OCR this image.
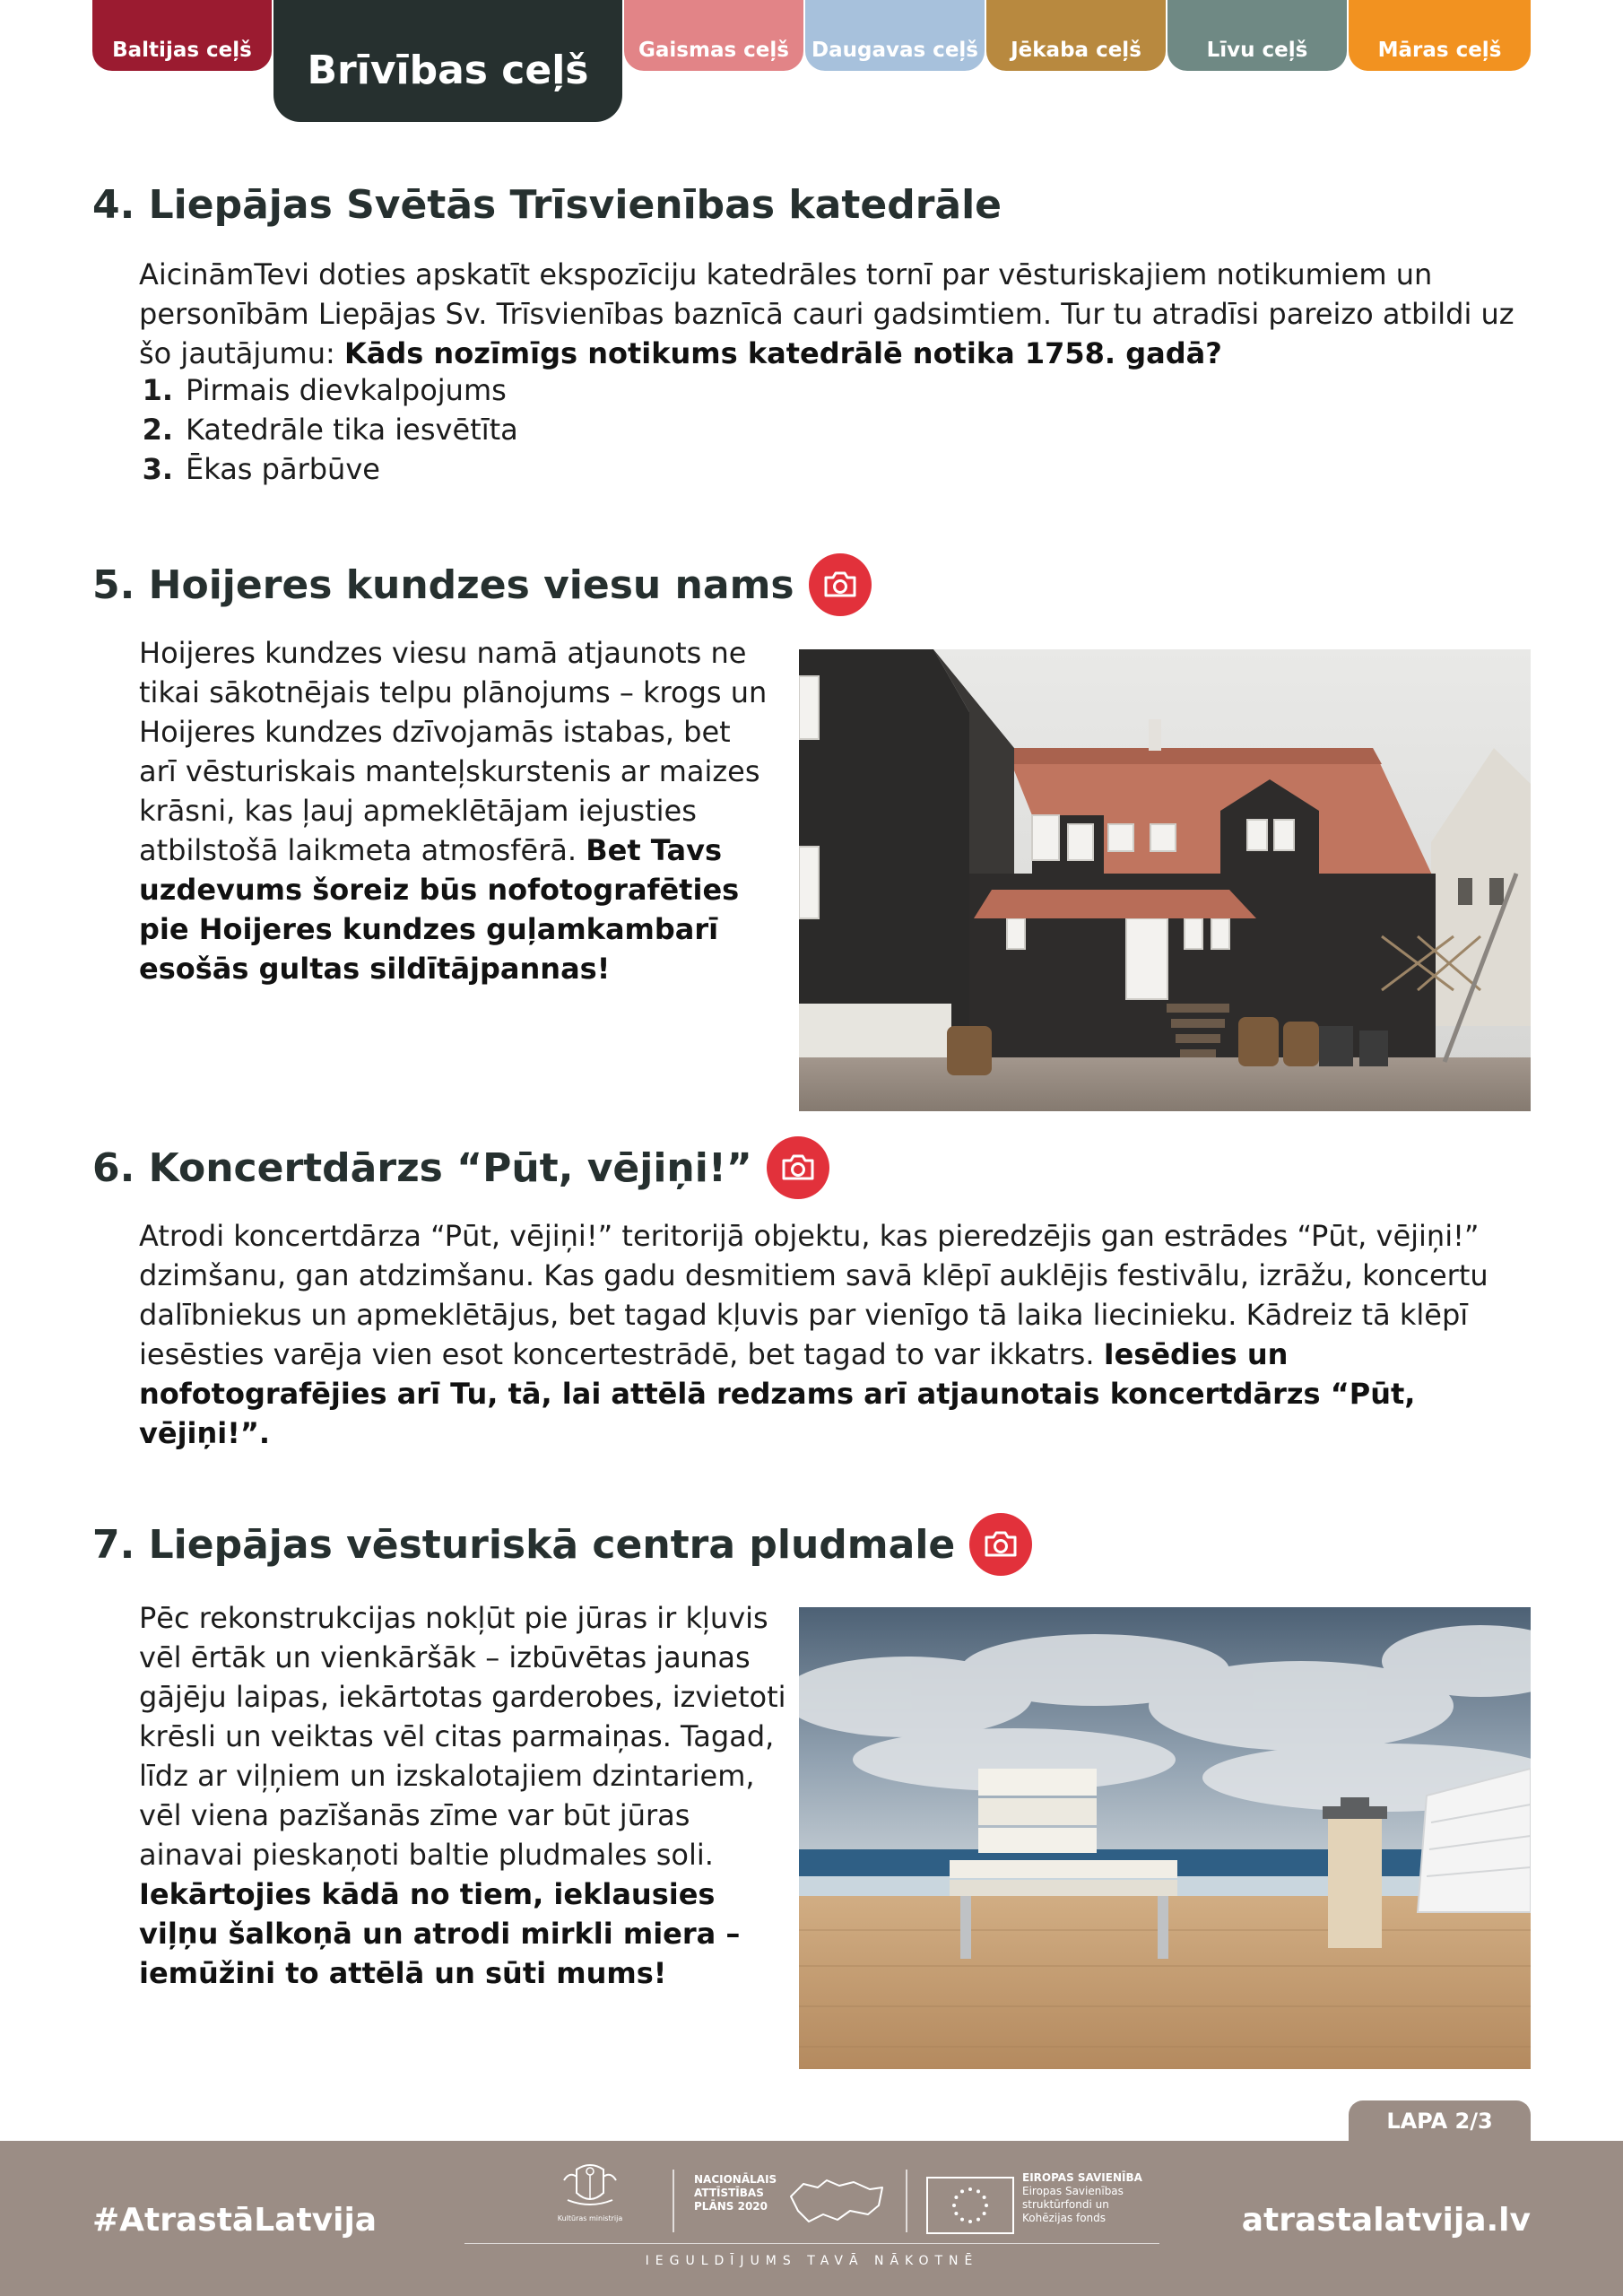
Baltijas ceļš	Brīvības ceļš	Gaismas ceļš	Daugavas ceļš	Jēkaba ceļš	Līvu ceļš	Māras ceļš
4. Liepājas Svētās Trīsvienības katedrāle

AicināmTevi doties apskatīt ekspozīciju katedrāles tornī par vēsturiskajiem notikumiem un personībām Liepājas Sv. Trīsvienības baznīcā cauri gadsimtiem. Tur tu atradīsi pareizo atbildi uz šo jautājumu: Kāds nozīmīgs notikums katedrālē notika 1758. gadā?

1. Pirmais dievkalpojums
2. Katedrāle tika iesvētīta
3. Ēkas pārbūve
5. Hoijeres kundzes viesu nams

Hoijeres kundzes viesu namā atjaunots ne tikai sākotnējais telpu plānojums – krogs un Hoijeres kundzes dzīvojamās istabas, bet arī vēsturiskais manteļskurstenis ar maizes krāsni, kas ļauj apmeklētājam iejusties atbilstošā laikmeta atmosfērā. Bet Tavs uzdevums šoreiz būs nofotografēties pie Hoijeres kundzes guļamkambarī esošās gultas sildītājpannas!

6. Koncertdārzs “Pūt, vējiņi!”

Atrodi koncertdārza “Pūt, vējiņi!” teritorijā objektu, kas pieredzējis gan estrādes “Pūt, vējiņi!” dzimšanu, gan atdzimšanu. Kas gadu desmitiem savā klēpī auklējis festivālu, izrāžu, koncertu dalībniekus un apmeklētājus, bet tagad kļuvis par vienīgo tā laika liecinieku. Kādreiz tā klēpī iesēsties varēja vien esot koncertestrādē, bet tagad to var ikkatrs. Iesēdies un nofotografējies arī Tu, tā, lai attēlā redzams arī atjaunotais koncertdārzs “Pūt, vējiņi!”.

7. Liepājas vēsturiskā centra pludmale

Pēc rekonstrukcijas nokļūt pie jūras ir kļuvis vēl ērtāk un vienkāršāk – izbūvētas jaunas gājēju laipas, iekārtotas garderobes, izvietoti krēsli un veiktas vēl citas parmaiņas. Tagad, līdz ar viļņiem un izskalotajiem dzintariem, vēl viena pazīšanās zīme var būt jūras ainavai pieskaņoti baltie pludmales soli. Iekārtojies kādā no tiem, ieklausies viļņu šalkoņā un atrodi mirkli miera – iemūžini to attēlā un sūti mums!

LAPA 2/3
#AtrastāLatvija	Kultūras ministrija
NACIONĀLAIS
ATTĪSTĪBAS
PLĀNS 2020
EIROPAS SAVIENĪBA
Eiropas Savienības
struktūrfondi un
Kohēzijas fonds
IEGULDĪJUMS TAVĀ NĀKOTNĒ
atrastalatvija.lv
